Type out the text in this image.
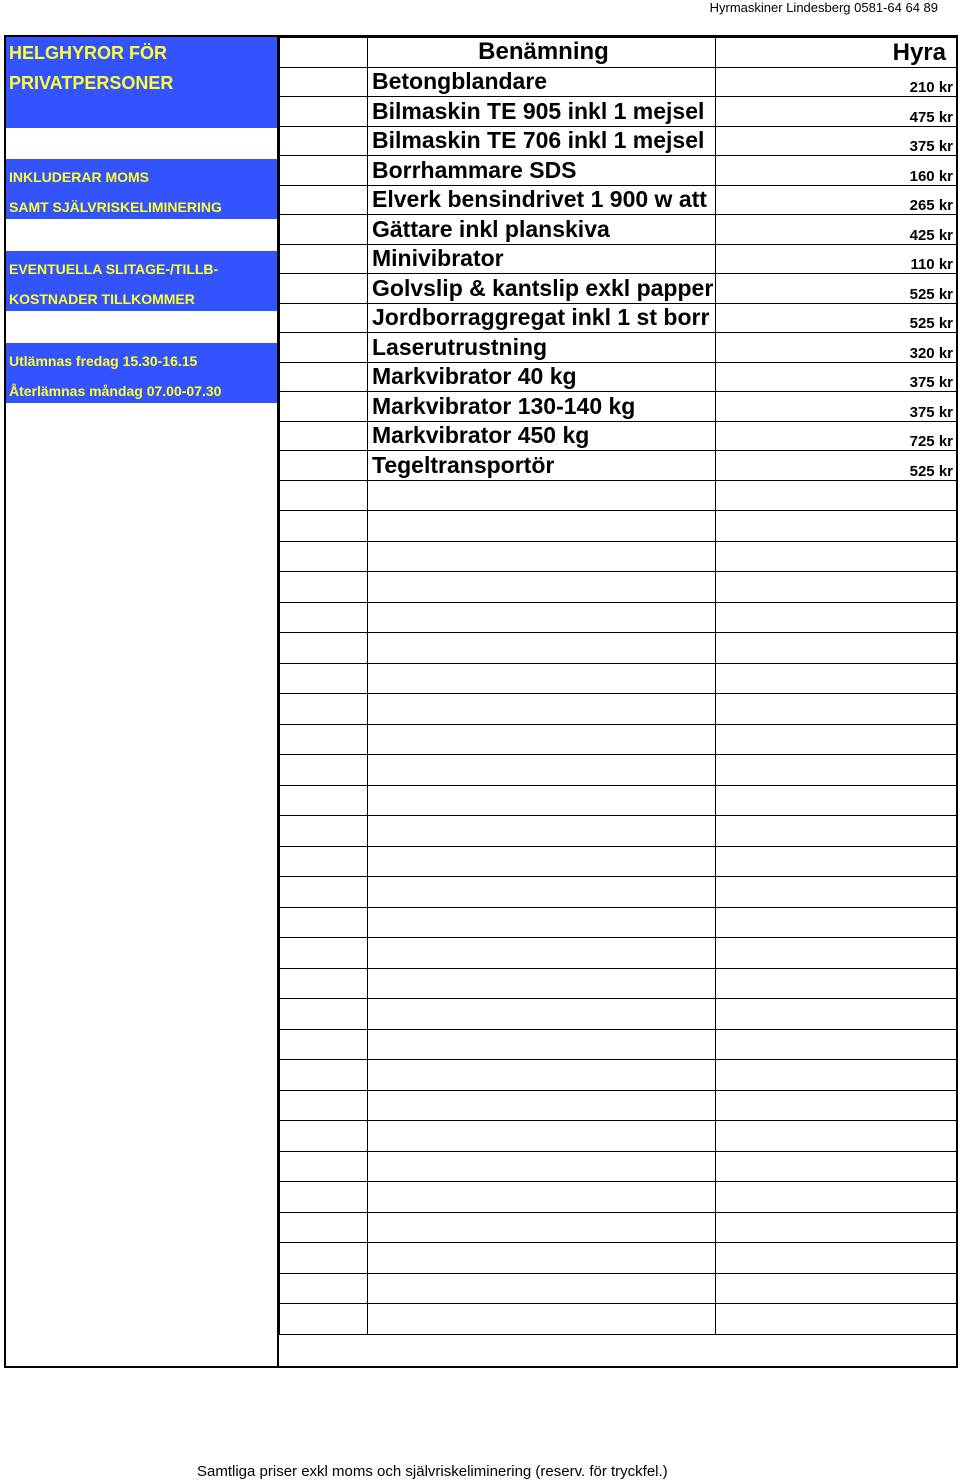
Hyrmaskiner Lindesberg 0581-64 64 89
HELGHYROR FÖR
PRIVATPERSONER
INKLUDERAR MOMS
SAMT SJÄLVRISKELIMINERING
EVENTUELLA SLITAGE-/TILLB-
KOSTNADER TILLKOMMER
Utlämnas fredag 15.30-16.15
Återlämnas måndag 07.00-07.30
	Benämning		Hyra
	Betongblandare		210 kr
	Bilmaskin TE 905 inkl 1 mejsel		475 kr
	Bilmaskin TE 706 inkl 1 mejsel		375 kr
	Borrhammare SDS		160 kr
	Elverk bensindrivet 1 900 w att		265 kr
	Gättare inkl planskiva		425 kr
	Minivibrator		110 kr
	Golvslip & kantslip exkl papper		525 kr
	Jordborraggregat inkl 1 st borr		525 kr
	Laserutrustning		320 kr
	Markvibrator 40 kg		375 kr
	Markvibrator 130-140 kg		375 kr
	Markvibrator 450 kg		725 kr
	Tegeltransportör		525 kr

Samtliga priser exkl moms och självriskeliminering (reserv. för tryckfel.)
